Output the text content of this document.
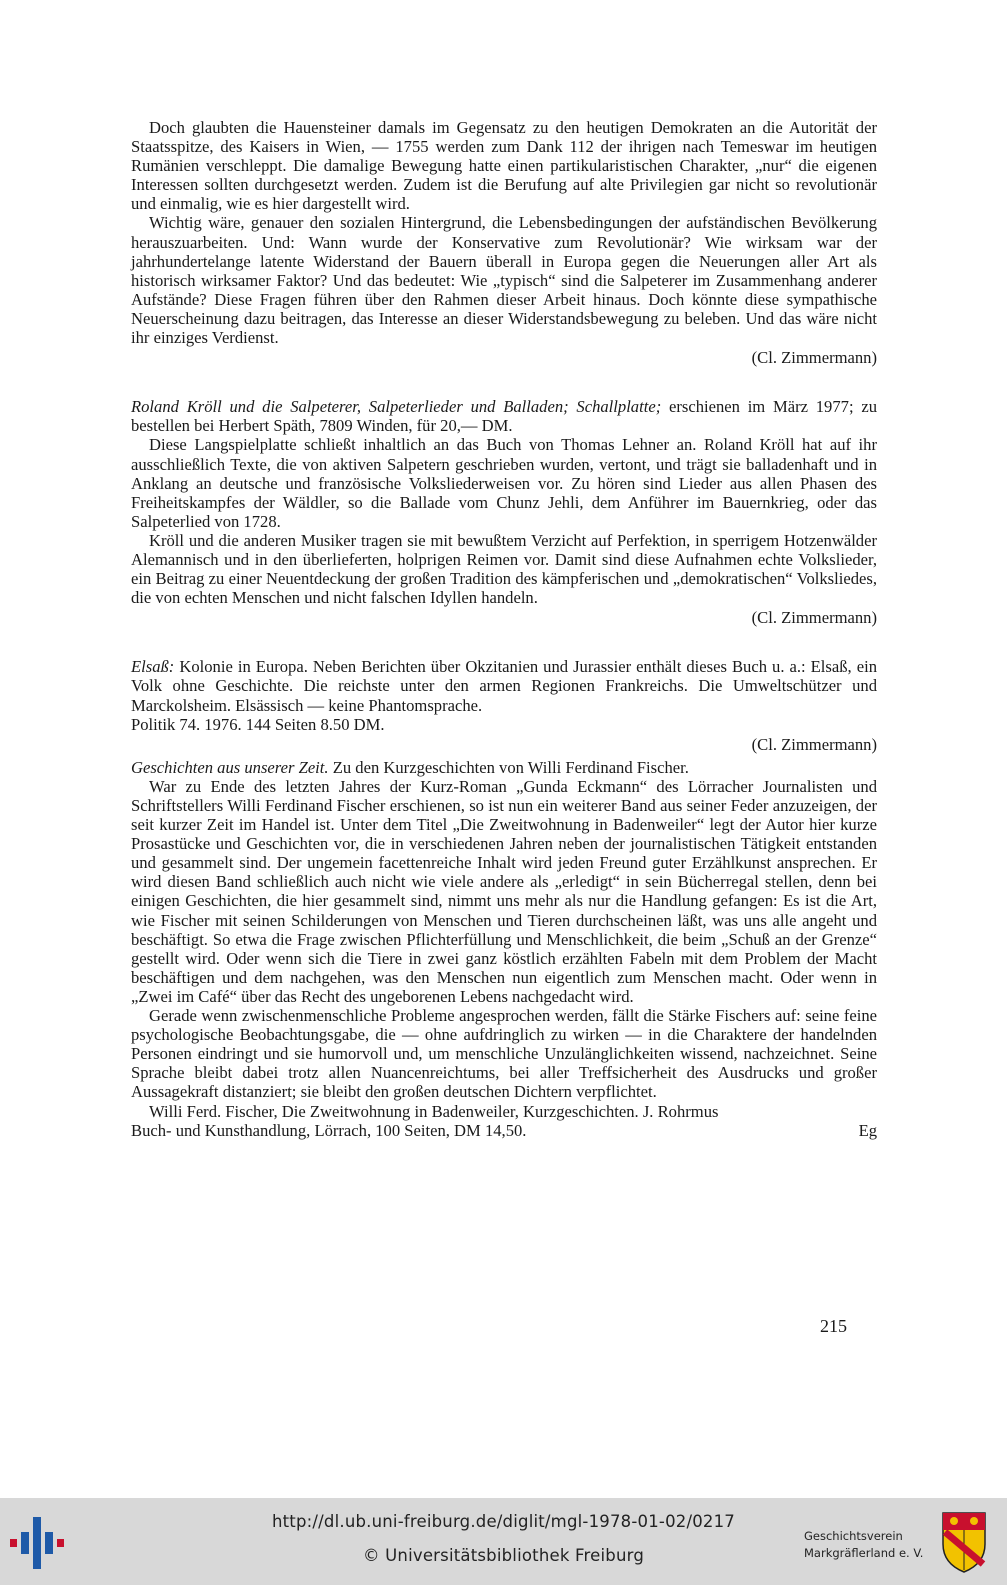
Doch glaubten die Hauensteiner damals im Gegensatz zu den heutigen Demokraten an die Autorität der Staatsspitze, des Kaisers in Wien, — 1755 werden zum Dank 112 der ihrigen nach Temeswar im heutigen Rumänien verschleppt. Die damalige Bewegung hatte einen partikularistischen Charakter, „nur“ die eigenen Interessen sollten durchgesetzt werden. Zudem ist die Berufung auf alte Privilegien gar nicht so revolutionär und einmalig, wie es hier dargestellt wird.

Wichtig wäre, genauer den sozialen Hintergrund, die Lebensbedingungen der aufständischen Bevölkerung herauszuarbeiten. Und: Wann wurde der Konservative zum Revolutionär? Wie wirksam war der jahrhundertelange latente Widerstand der Bauern überall in Europa gegen die Neuerungen aller Art als historisch wirksamer Faktor? Und das bedeutet: Wie „typisch“ sind die Salpeterer im Zusammenhang anderer Aufstände? Diese Fragen führen über den Rahmen dieser Arbeit hinaus. Doch könnte diese sympathische Neuerscheinung dazu beitragen, das Interesse an dieser Widerstandsbewegung zu beleben. Und das wäre nicht ihr einziges Verdienst.

(Cl. Zimmermann)

Roland Kröll und die Salpeterer, Salpeterlieder und Balladen; Schallplatte; erschienen im März 1977; zu bestellen bei Herbert Späth, 7809 Winden, für 20,— DM.

Diese Langspielplatte schließt inhaltlich an das Buch von Thomas Lehner an. Roland Kröll hat auf ihr ausschließlich Texte, die von aktiven Salpetern geschrieben wurden, vertont, und trägt sie balladenhaft und in Anklang an deutsche und französische Volksliederweisen vor. Zu hören sind Lieder aus allen Phasen des Freiheitskampfes der Wäldler, so die Ballade vom Chunz Jehli, dem Anführer im Bauernkrieg, oder das Salpeterlied von 1728.

Kröll und die anderen Musiker tragen sie mit bewußtem Verzicht auf Perfektion, in sperrigem Hotzenwälder Alemannisch und in den überlieferten, holprigen Reimen vor. Damit sind diese Aufnahmen echte Volkslieder, ein Beitrag zu einer Neuentdeckung der großen Tradition des kämpferischen und „demokratischen“ Volksliedes, die von echten Menschen und nicht falschen Idyllen handeln.

(Cl. Zimmermann)

Elsaß: Kolonie in Europa. Neben Berichten über Okzitanien und Jurassier enthält dieses Buch u. a.: Elsaß, ein Volk ohne Geschichte. Die reichste unter den armen Regionen Frankreichs. Die Umweltschützer und Marckolsheim. Elsässisch — keine Phantomsprache.

Politik 74. 1976. 144 Seiten 8.50 DM.

(Cl. Zimmermann)

Geschichten aus unserer Zeit. Zu den Kurzgeschichten von Willi Ferdinand Fischer.

War zu Ende des letzten Jahres der Kurz-Roman „Gunda Eckmann“ des Lörracher Journalisten und Schriftstellers Willi Ferdinand Fischer erschienen, so ist nun ein weiterer Band aus seiner Feder anzuzeigen, der seit kurzer Zeit im Handel ist. Unter dem Titel „Die Zweitwohnung in Badenweiler“ legt der Autor hier kurze Prosastücke und Geschichten vor, die in verschiedenen Jahren neben der journalistischen Tätigkeit entstanden und gesammelt sind. Der ungemein facettenreiche Inhalt wird jeden Freund guter Erzählkunst ansprechen. Er wird diesen Band schließlich auch nicht wie viele andere als „erledigt“ in sein Bücherregal stellen, denn bei einigen Geschichten, die hier gesammelt sind, nimmt uns mehr als nur die Handlung gefangen: Es ist die Art, wie Fischer mit seinen Schilderungen von Menschen und Tieren durchscheinen läßt, was uns alle angeht und beschäftigt. So etwa die Frage zwischen Pflichterfüllung und Menschlichkeit, die beim „Schuß an der Grenze“ gestellt wird. Oder wenn sich die Tiere in zwei ganz köstlich erzählten Fabeln mit dem Problem der Macht beschäftigen und dem nachgehen, was den Menschen nun eigentlich zum Menschen macht. Oder wenn in „Zwei im Café“ über das Recht des ungeborenen Lebens nachgedacht wird.

Gerade wenn zwischenmenschliche Probleme angesprochen werden, fällt die Stärke Fischers auf: seine feine psychologische Beobachtungsgabe, die — ohne aufdringlich zu wirken — in die Charaktere der handelnden Personen eindringt und sie humorvoll und, um menschliche Unzulänglichkeiten wissend, nachzeichnet. Seine Sprache bleibt dabei trotz allen Nuancenreichtums, bei aller Treffsicherheit des Ausdrucks und großer Aussagekraft distanziert; sie bleibt den großen deutschen Dichtern verpflichtet.

Willi Ferd. Fischer, Die Zweitwohnung in Badenweiler, Kurzgeschichten. J. Rohrmus

Buch- und Kunsthandlung, Lörrach, 100 Seiten, DM 14,50.	Eg

215
http://dl.ub.uni-freiburg.de/diglit/mgl-1978-01-02/0217
© Universitätsbibliothek Freiburg
Geschichtsverein
Markgräflerland e. V.
